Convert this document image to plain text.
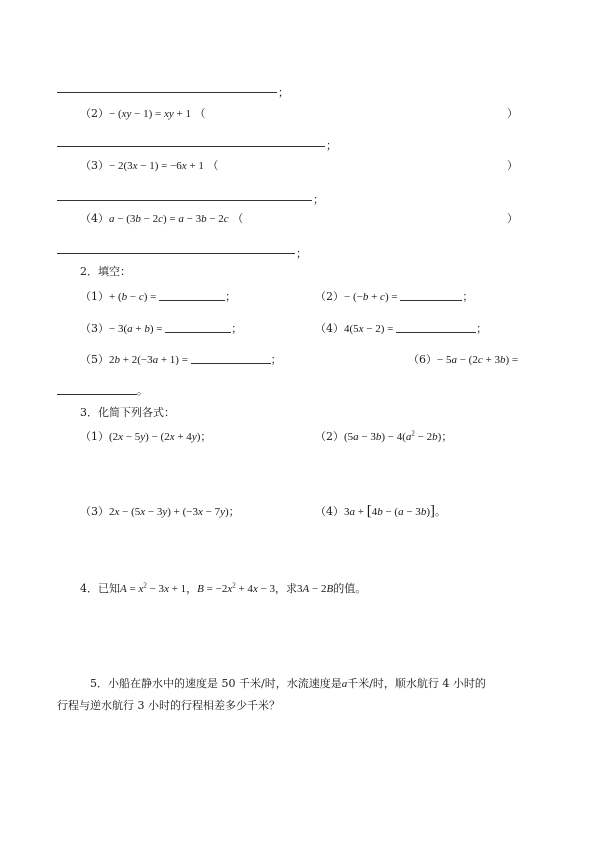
；
（2）− (xy − 1) = xy + 1 （	）
；
（3）− 2(3x − 1) = −6x + 1 （	）
；
（4）a − (3b − 2c) = a − 3b − 2c （	）
；
2．填空：
（1）+ (b − c) =	；	（2）− (−b + c) =	；
（3）− 3(a + b) =	；	（4）4(5x − 2) =	；
（5）2b + 2(−3a + 1) =	；	（6）− 5a − (2c + 3b) =
。
3．化简下列各式：
（1）(2x − 5y) − (2x + 4y)；	$(2)(5a - 3b) - 4(a^2 - 2b)$；
（3）2x − (5x − 3y) + (−3x − 7y)；	（4）3a + [4b − (a − 3b)]。
4．已知$A = x^2 - 3x + 1$，$B = -2x^2 + 4x - 3$，求3A − 2B的值。
5．小船在静水中的速度是 50 千米/时，水流速度是a千米/时，顺水航行 4 小时的
行程与逆水航行 3 小时的行程相差多少千米？
